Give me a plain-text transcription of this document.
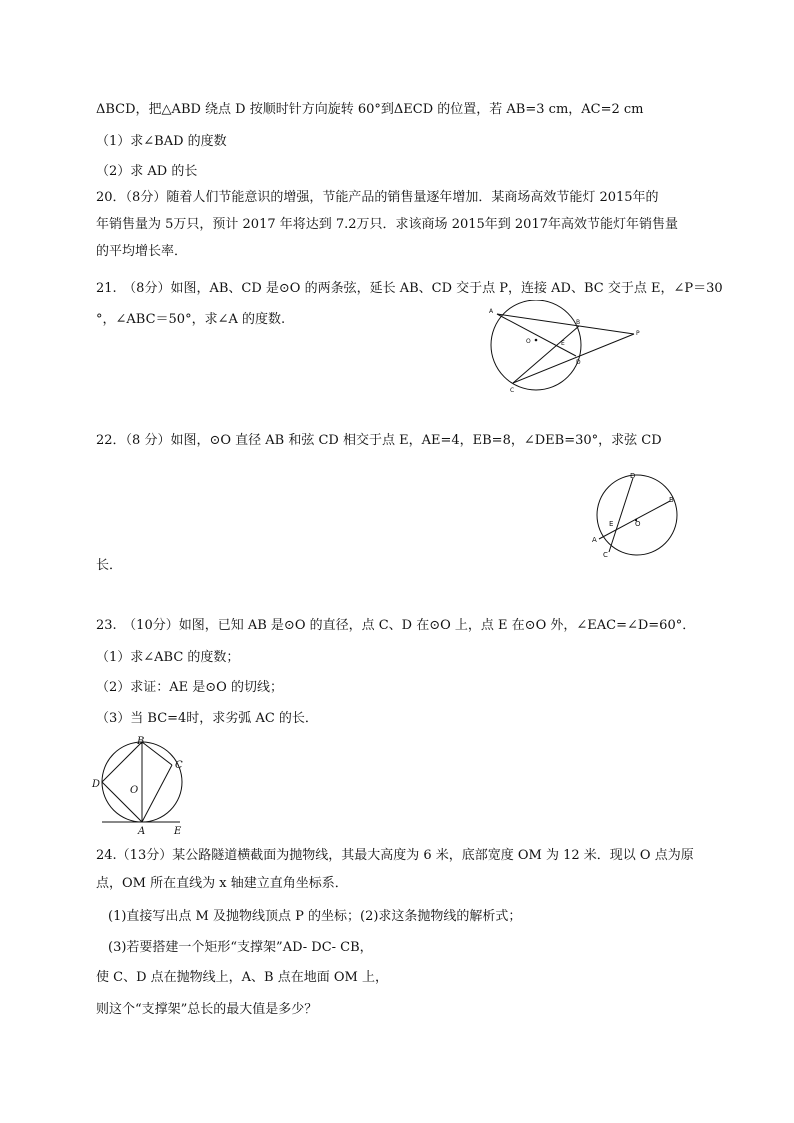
ΔBCD，把△ABD 绕点 D 按顺时针方向旋转 60°到ΔECD 的位置，若 AB=3 cm，AC=2 cm
（1）求∠BAD 的度数
（2）求 AD 的长
20．（8分）随着人们节能意识的增强，节能产品的销售量逐年增加．某商场高效节能灯 2015年的
年销售量为 5万只，预计 2017 年将达到 7.2万只．求该商场 2015年到 2017年高效节能灯年销售量
的平均增长率．
21.　（8分）如图，AB、CD 是⊙O 的两条弦，延长 AB、CD 交于点 P，连接 AD、BC 交于点 E，∠P＝30
°，∠ABC＝50°，求∠A 的度数.
A
B
C
D
E
O
P
22．（8 分）如图，⊙O 直径 AB 和弦 CD 相交于点 E，AE=4，EB=8，∠DEB=30°，求弦 CD
A
B
C
D
E	O
长．
23.　（10分）如图，已知 AB 是⊙O 的直径，点 C、D 在⊙O 上，点 E 在⊙O 外，∠EAC=∠D=60°．
（1）求∠ABC 的度数；
（2）求证：AE 是⊙O 的切线；
（3）当 BC=4时，求劣弧 AC 的长．
A
B
C
D
E
O
24.（13分）某公路隧道横截面为抛物线，其最大高度为 6 米，底部宽度 OM 为 12 米．现以 O 点为原
点，OM 所在直线为 x 轴建立直角坐标系．
(1)直接写出点 M 及抛物线顶点 P 的坐标；(2)求这条抛物线的解析式；
(3)若要搭建一个矩形“支撑架”AD- DC- CB，
使 C、D 点在抛物线上，A、B 点在地面 OM 上，
则这个“支撑架”总长的最大值是多少？
